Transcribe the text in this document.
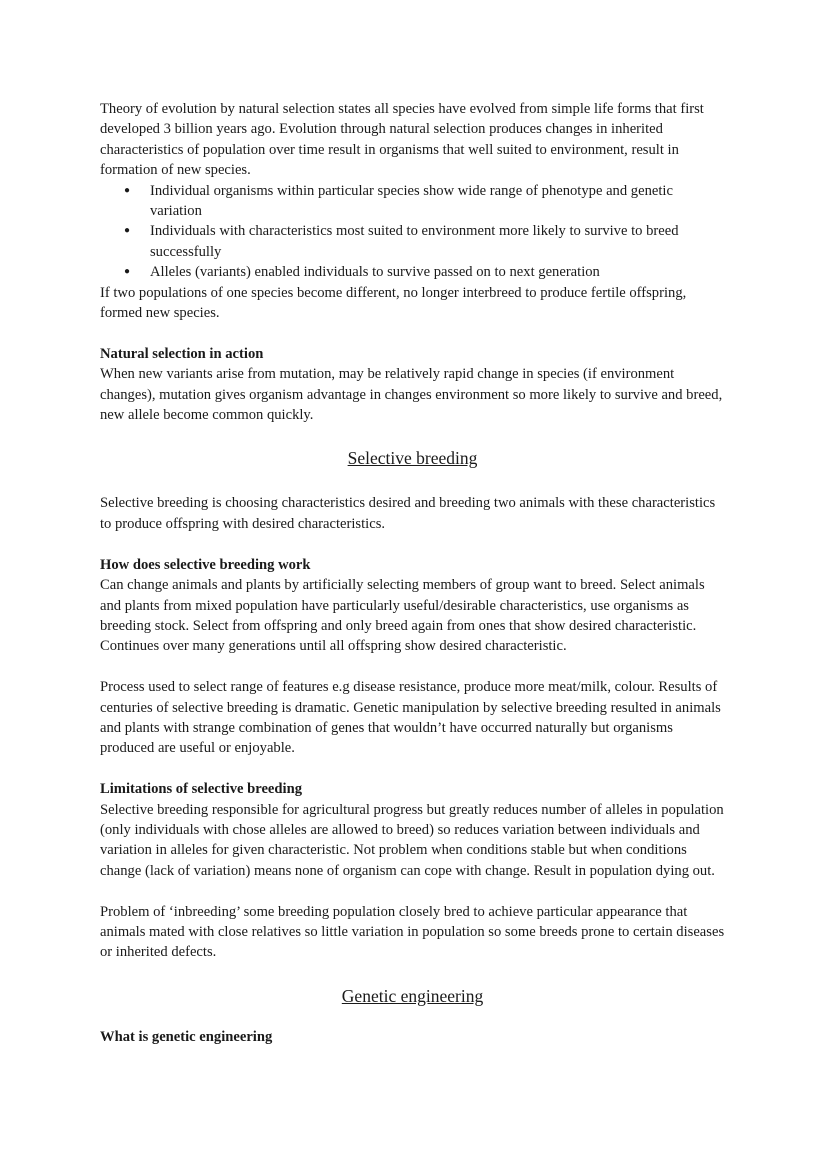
Theory of evolution by natural selection states all species have evolved from simple life forms that first developed 3 billion years ago. Evolution through natural selection produces changes in inherited characteristics of population over time result in organisms that well suited to environment, result in formation of new species.

● Individual organisms within particular species show wide range of phenotype and genetic variation
● Individuals with characteristics most suited to environment more likely to survive to breed successfully
● Alleles (variants) enabled individuals to survive passed on to next generation

If two populations of one species become different, no longer interbreed to produce fertile offspring, formed new species.

Natural selection in action

When new variants arise from mutation, may be relatively rapid change in species (if environment changes), mutation gives organism advantage in changes environment so more likely to survive and breed, new allele become common quickly.

Selective breeding

Selective breeding is choosing characteristics desired and breeding two animals with these characteristics to produce offspring with desired characteristics.

How does selective breeding work

Can change animals and plants by artificially selecting members of group want to breed. Select animals and plants from mixed population have particularly useful/desirable characteristics, use organisms as breeding stock. Select from offspring and only breed again from ones that show desired characteristic. Continues over many generations until all offspring show desired characteristic.

Process used to select range of features e.g disease resistance, produce more meat/milk, colour. Results of centuries of selective breeding is dramatic. Genetic manipulation by selective breeding resulted in animals and plants with strange combination of genes that wouldn’t have occurred naturally but organisms produced are useful or enjoyable.

Limitations of selective breeding

Selective breeding responsible for agricultural progress but greatly reduces number of alleles in population (only individuals with chose alleles are allowed to breed) so reduces variation between individuals and variation in alleles for given characteristic. Not problem when conditions stable but when conditions change (lack of variation) means none of organism can cope with change. Result in population dying out.

Problem of ‘inbreeding’ some breeding population closely bred to achieve particular appearance that animals mated with close relatives so little variation in population so some breeds prone to certain diseases or inherited defects.

Genetic engineering

What is genetic engineering
